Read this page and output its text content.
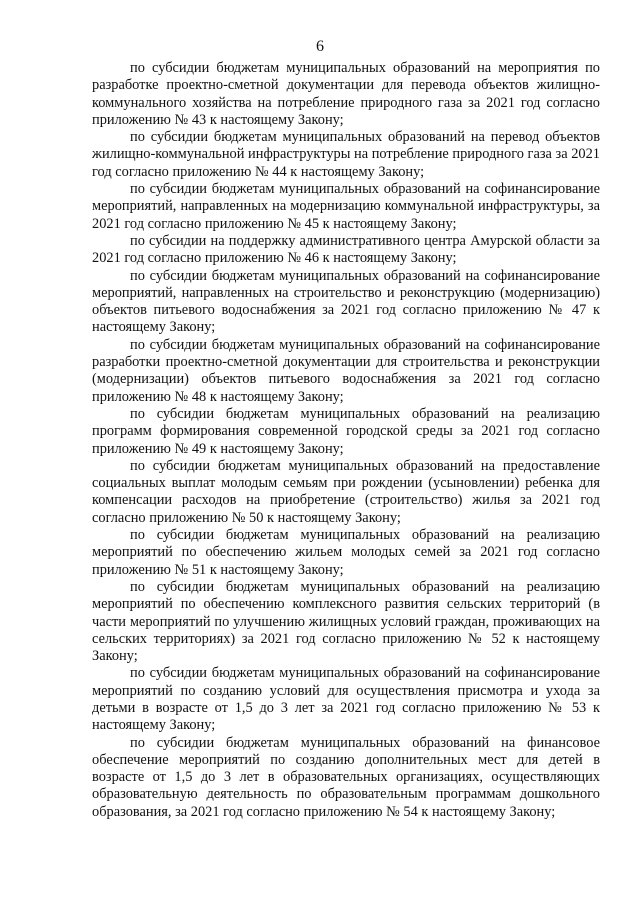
6

по субсидии бюджетам муниципальных образований на мероприятия по разработке проектно-сметной документации для перевода объектов жилищно-коммунального хозяйства на потребление природного газа за 2021 год согласно приложению № 43 к настоящему Закону;

по субсидии бюджетам муниципальных образований на перевод объектов жилищно-коммунальной инфраструктуры на потребление природного газа за 2021 год согласно приложению № 44 к настоящему Закону;

по субсидии бюджетам муниципальных образований на софинансирование мероприятий, направленных на модернизацию коммунальной инфраструктуры, за 2021 год согласно приложению № 45 к настоящему Закону;

по субсидии на поддержку административного центра Амурской области за 2021 год согласно приложению № 46 к настоящему Закону;

по субсидии бюджетам муниципальных образований на софинансирование мероприятий, направленных на строительство и реконструкцию (модернизацию) объектов питьевого водоснабжения за 2021 год согласно приложению № 47 к настоящему Закону;

по субсидии бюджетам муниципальных образований на софинансирование разработки проектно-сметной документации для строительства и реконструкции (модернизации) объектов питьевого водоснабжения за 2021 год согласно приложению № 48 к настоящему Закону;

по субсидии бюджетам муниципальных образований на реализацию программ формирования современной городской среды за 2021 год согласно приложению № 49 к настоящему Закону;

по субсидии бюджетам муниципальных образований на предоставление социальных выплат молодым семьям при рождении (усыновлении) ребенка для компенсации расходов на приобретение (строительство) жилья за 2021 год согласно приложению № 50 к настоящему Закону;

по субсидии бюджетам муниципальных образований на реализацию мероприятий по обеспечению жильем молодых семей за 2021 год согласно приложению № 51 к настоящему Закону;

по субсидии бюджетам муниципальных образований на реализацию мероприятий по обеспечению комплексного развития сельских территорий (в части мероприятий по улучшению жилищных условий граждан, проживающих на сельских территориях) за 2021 год согласно приложению № 52 к настоящему Закону;

по субсидии бюджетам муниципальных образований на софинансирование мероприятий по созданию условий для осуществления присмотра и ухода за детьми в возрасте от 1,5 до 3 лет за 2021 год согласно приложению № 53 к настоящему Закону;

по субсидии бюджетам муниципальных образований на финансовое обеспечение мероприятий по созданию дополнительных мест для детей в возрасте от 1,5 до 3 лет в образовательных организациях, осуществляющих образовательную деятельность по образовательным программам дошкольного образования, за 2021 год согласно приложению № 54 к настоящему Закону;
